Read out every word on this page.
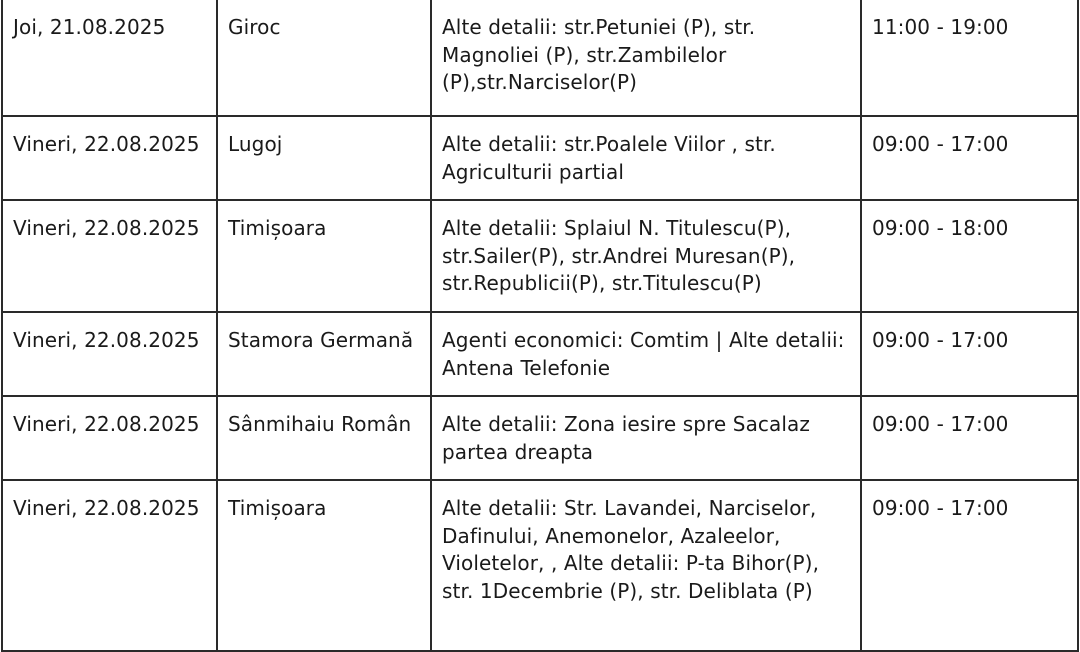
Joi, 21.08.2025	Giroc	Alte detalii: str.Petuniei (P), str. Magnoliei (P), str.Zambilelor (P),str.Narciselor(P)	11:00 - 19:00
Vineri, 22.08.2025	Lugoj	Alte detalii: str.Poalele Viilor , str. Agriculturii partial	09:00 - 17:00
Vineri, 22.08.2025	Timișoara	Alte detalii: Splaiul N. Titulescu(P), str.Sailer(P), str.Andrei Muresan(P), str.Republicii(P), str.Titulescu(P)	09:00 - 18:00
Vineri, 22.08.2025	Stamora Germană	Agenti economici: Comtim | Alte detalii: Antena Telefonie	09:00 - 17:00
Vineri, 22.08.2025	Sânmihaiu Român	Alte detalii: Zona iesire spre Sacalaz partea dreapta	09:00 - 17:00
Vineri, 22.08.2025	Timișoara	Alte detalii: Str. Lavandei, Narciselor, Dafinului, Anemonelor, Azaleelor, Violetelor, , Alte detalii: P-ta Bihor(P), str. 1Decembrie (P), str. Deliblata (P)	09:00 - 17:00
